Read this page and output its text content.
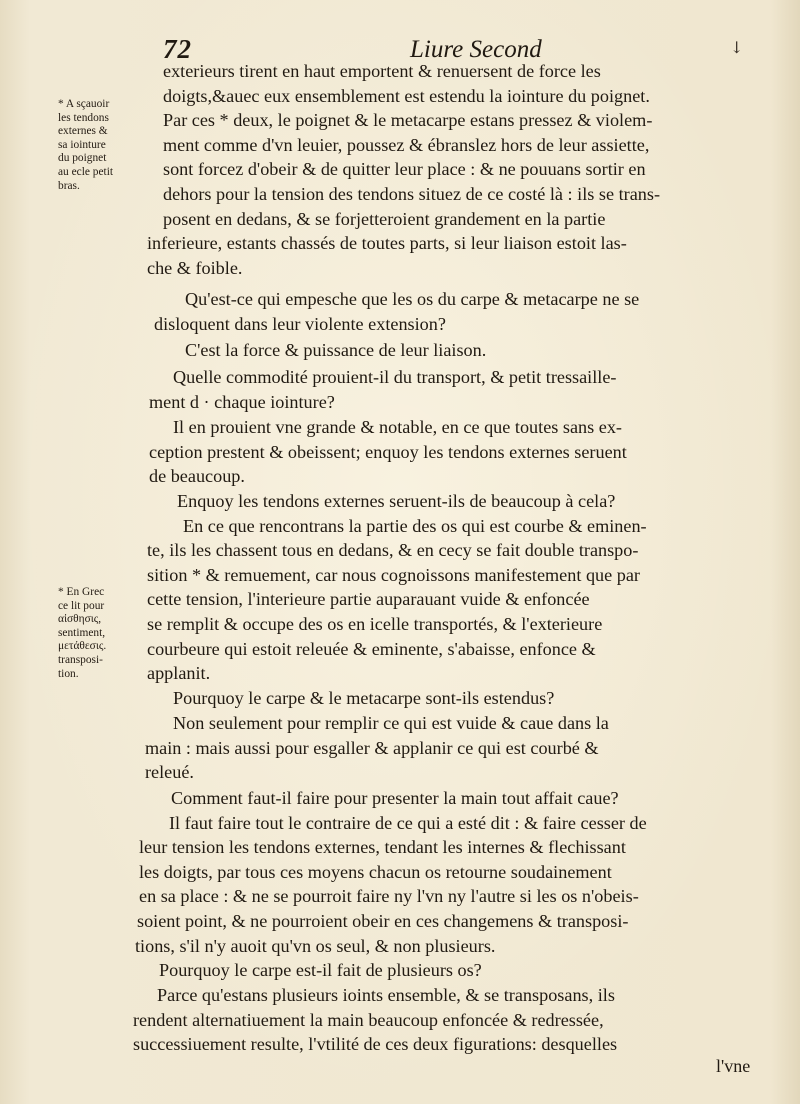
72	Liure Second	↓
* A sçauoir
les tendons
externes &
sa iointure
du poignet
au ecle petit
bras.
* En Grec
ce lit pour
αἰσθησις,
sentiment,
μετάθεσις.
transposi-
tion.
exterieurs tirent en haut emportent & renuersent de force les
doigts,&auec eux ensemblement est estendu la iointure du poignet.
Par ces * deux, le poignet & le metacarpe estans pressez & violem-
ment comme d'vn leuier, poussez & ébranslez hors de leur assiette,
sont forcez d'obeir & de quitter leur place : & ne pouuans sortir en
dehors pour la tension des tendons situez de ce costé là : ils se trans-
posent en dedans, & se forjetteroient grandement en la partie
inferieure, estants chassés de toutes parts, si leur liaison estoit las-
che & foible.
Qu'est-ce qui empesche que les os du carpe & metacarpe ne se
disloquent dans leur violente extension?
C'est la force & puissance de leur liaison.
Quelle commodité prouient-il du transport, & petit tressaille-
ment d · chaque iointure?
Il en prouient vne grande & notable, en ce que toutes sans ex-
ception prestent & obeissent; enquoy les tendons externes seruent
de beaucoup.
Enquoy les tendons externes seruent-ils de beaucoup à cela?
En ce que rencontrans la partie des os qui est courbe & eminen-
te, ils les chassent tous en dedans, & en cecy se fait double transpo-
sition * & remuement, car nous cognoissons manifestement que par
cette tension, l'interieure partie auparauant vuide & enfoncée
se remplit & occupe des os en icelle transportés, & l'exterieure
courbeure qui estoit releuée & eminente, s'abaisse, enfonce &
applanit.
Pourquoy le carpe & le metacarpe sont-ils estendus?
Non seulement pour remplir ce qui est vuide & caue dans la
main : mais aussi pour esgaller & applanir ce qui est courbé &
releué.
Comment faut-il faire pour presenter la main tout affait caue?
Il faut faire tout le contraire de ce qui a esté dit : & faire cesser de
leur tension les tendons externes, tendant les internes & flechissant
les doigts, par tous ces moyens chacun os retourne soudainement
en sa place : & ne se pourroit faire ny l'vn ny l'autre si les os n'obeis-
soient point, & ne pourroient obeir en ces changemens & transposi-
tions, s'il n'y auoit qu'vn os seul, & non plusieurs.
Pourquoy le carpe est-il fait de plusieurs os?
Parce qu'estans plusieurs ioints ensemble, & se transposans, ils
rendent alternatiuement la main beaucoup enfoncée & redressée,
successiuement resulte, l'vtilité de ces deux figurations: desquelles
l'vne
